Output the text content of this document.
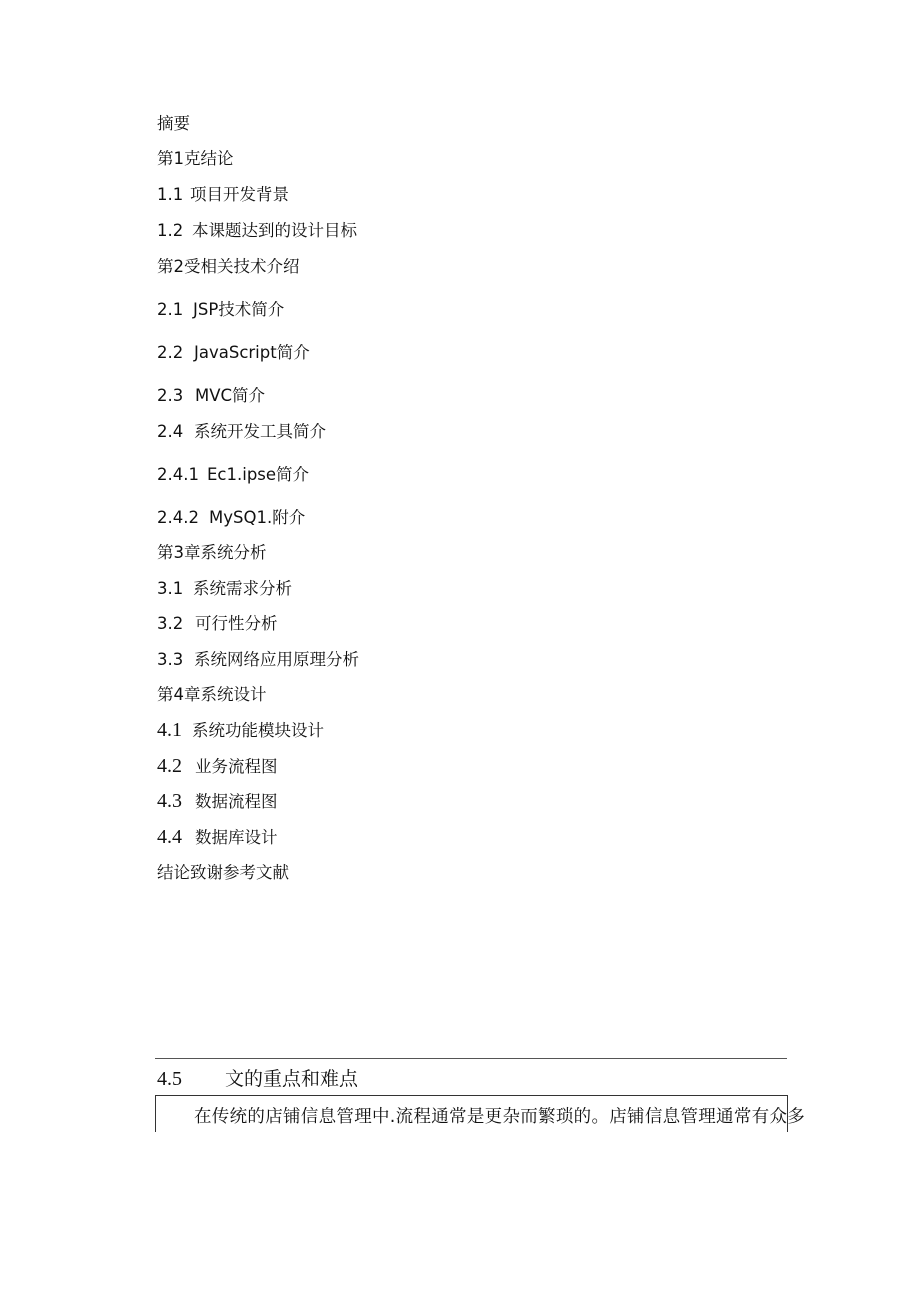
摘要
第1克结论
1.1 项目开发背景
1.2 本课题达到的设计目标
第2受相关技术介绍
2.1 JSP技术简介
2.2 JavaScript简介
2.3 MVC简介
2.4 系统开发工具简介
2.4.1 Ec1.ipse简介
2.4.2 MySQ1.附介
第3章系统分析
3.1 系统需求分析
3.2 可行性分析
3.3 系统网络应用原理分析
第4章系统设计
4.1 系统功能模块设计
4.2 业务流程图
4.3 数据流程图
4.4 数据库设计
结论致谢参考文献
4.5 文的重点和难点
在传统的店铺信息管理中.流程通常是更杂而繁琐的。店铺信息管理通常有众多
